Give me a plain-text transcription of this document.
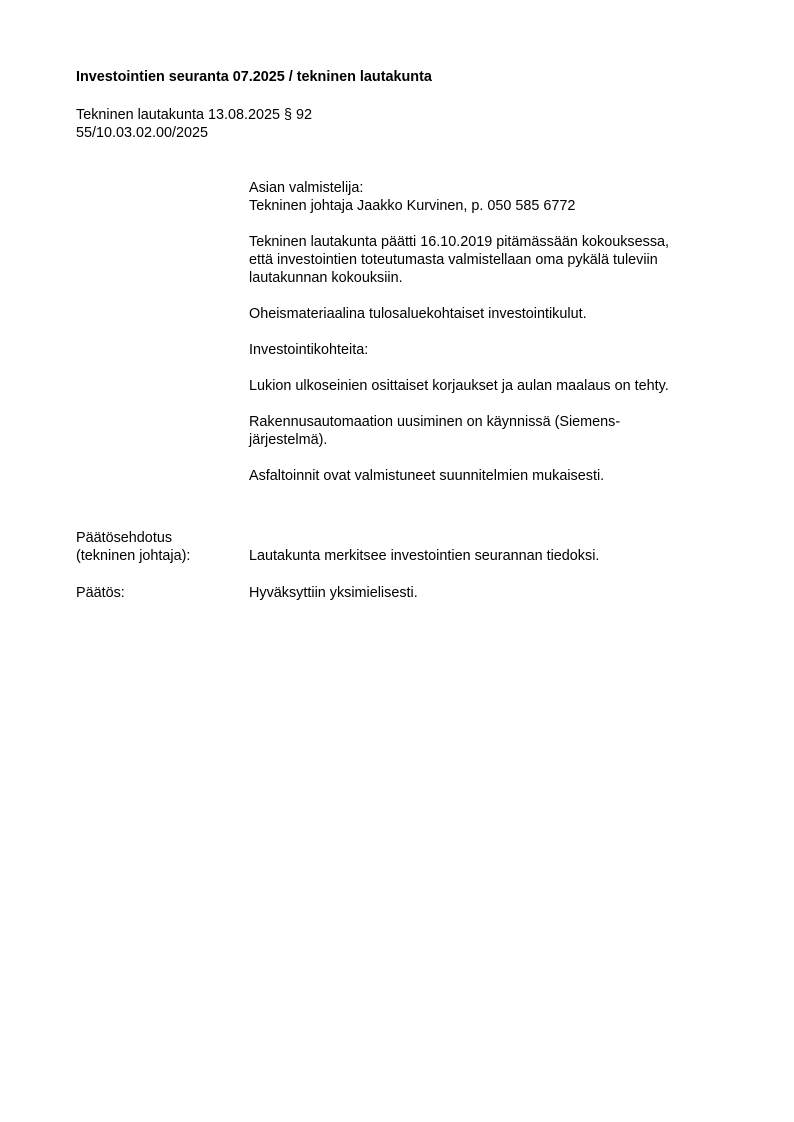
Investointien seuranta 07.2025 / tekninen lautakunta
Tekninen lautakunta 13.08.2025 § 92
55/10.03.02.00/2025
Asian valmistelija:
Tekninen johtaja Jaakko Kurvinen, p. 050 585 6772
Tekninen lautakunta päätti 16.10.2019 pitämässään kokouksessa,
että investointien toteutumasta valmistellaan oma pykälä tuleviin
lautakunnan kokouksiin.
Oheismateriaalina tulosaluekohtaiset investointikulut.
Investointikohteita:
Lukion ulkoseinien osittaiset korjaukset ja aulan maalaus on tehty.
Rakennusautomaation uusiminen on käynnissä (Siemens-
järjestelmä).
Asfaltoinnit ovat valmistuneet suunnitelmien mukaisesti.
Päätösehdotus
(tekninen johtaja):	Lautakunta merkitsee investointien seurannan tiedoksi.
Päätös:	Hyväksyttiin yksimielisesti.
